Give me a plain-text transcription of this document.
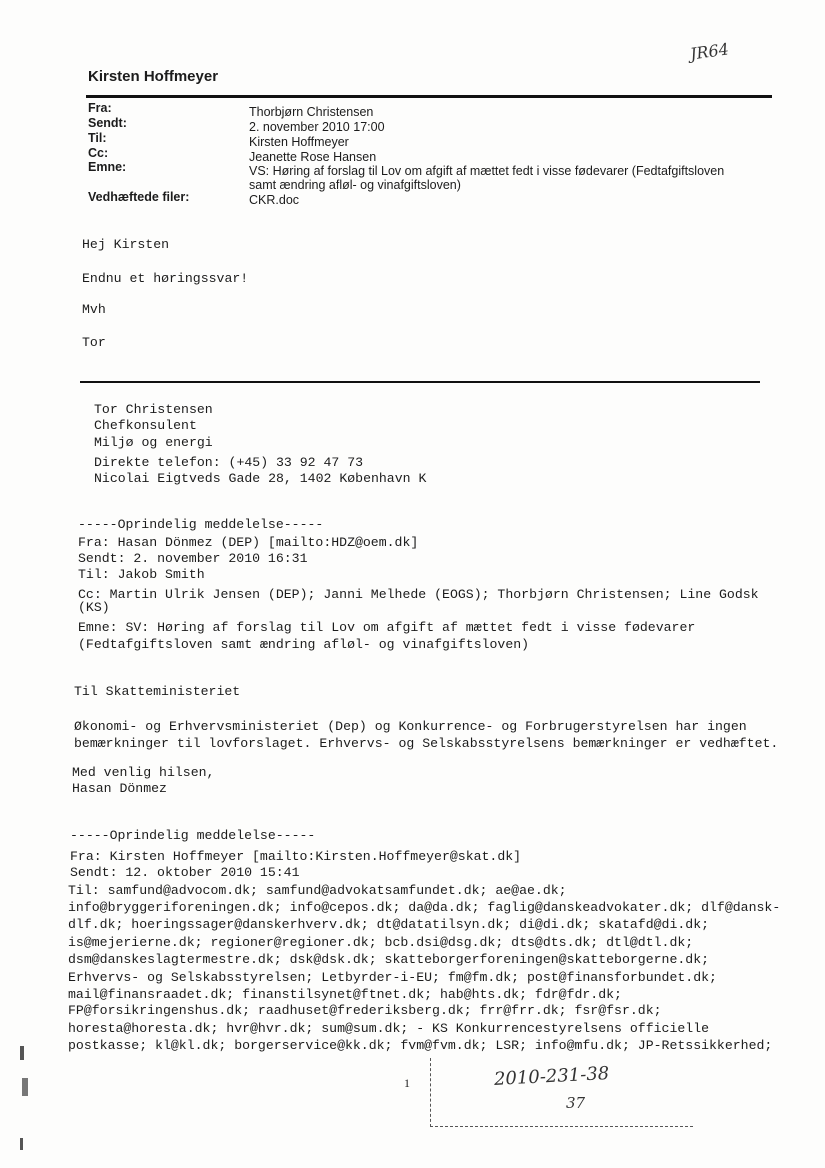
JR64
Kirsten Hoffmeyer
Fra:
Sendt:
Til:
Cc:
Emne:
Vedhæftede filer:
Thorbjørn Christensen
2. november 2010 17:00
Kirsten Hoffmeyer
Jeanette Rose Hansen
VS: Høring af forslag til Lov om afgift af mættet fedt i visse fødevarer (Fedtafgiftsloven
samt ændring afløl- og vinafgiftsloven)
CKR.doc
Hej Kirsten
Endnu et høringssvar!
Mvh
Tor
Tor Christensen
Chefkonsulent
Miljø og energi
Direkte telefon: (+45) 33 92 47 73
Nicolai Eigtveds Gade 28, 1402 København K
-----Oprindelig meddelelse-----
Fra: Hasan Dönmez (DEP) [mailto:HDZ@oem.dk]
Sendt: 2. november 2010 16:31
Til: Jakob Smith
Cc: Martin Ulrik Jensen (DEP); Janni Melhede (EOGS); Thorbjørn Christensen; Line Godsk
(KS)
Emne: SV: Høring af forslag til Lov om afgift af mættet fedt i visse fødevarer
(Fedtafgiftsloven samt ændring afløl- og vinafgiftsloven)
Til Skatteministeriet
Økonomi- og Erhvervsministeriet (Dep) og Konkurrence- og Forbrugerstyrelsen har ingen
bemærkninger til lovforslaget. Erhvervs- og Selskabsstyrelsens bemærkninger er vedhæftet.
Med venlig hilsen,
Hasan Dönmez
-----Oprindelig meddelelse-----
Fra: Kirsten Hoffmeyer [mailto:Kirsten.Hoffmeyer@skat.dk]
Sendt: 12. oktober 2010 15:41
Til: samfund@advocom.dk; samfund@advokatsamfundet.dk; ae@ae.dk;
info@bryggeriforeningen.dk; info@cepos.dk; da@da.dk; faglig@danskeadvokater.dk; dlf@dansk-
dlf.dk; hoeringssager@danskerhverv.dk; dt@datatilsyn.dk; di@di.dk; skatafd@di.dk;
is@mejerierne.dk; regioner@regioner.dk; bcb.dsi@dsg.dk; dts@dts.dk; dtl@dtl.dk;
dsm@danskeslagtermestre.dk; dsk@dsk.dk; skatteborgerforeningen@skatteborgerne.dk;
Erhvervs- og Selskabsstyrelsen; Letbyrder-i-EU; fm@fm.dk; post@finansforbundet.dk;
mail@finansraadet.dk; finanstilsynet@ftnet.dk; hab@hts.dk; fdr@fdr.dk;
FP@forsikringenshus.dk; raadhuset@frederiksberg.dk; frr@frr.dk; fsr@fsr.dk;
horesta@horesta.dk; hvr@hvr.dk; sum@sum.dk; - KS Konkurrencestyrelsens officielle
postkasse; kl@kl.dk; borgerservice@kk.dk; fvm@fvm.dk; LSR; info@mfu.dk; JP-Retssikkerhed;
1	2010-231-38
37
